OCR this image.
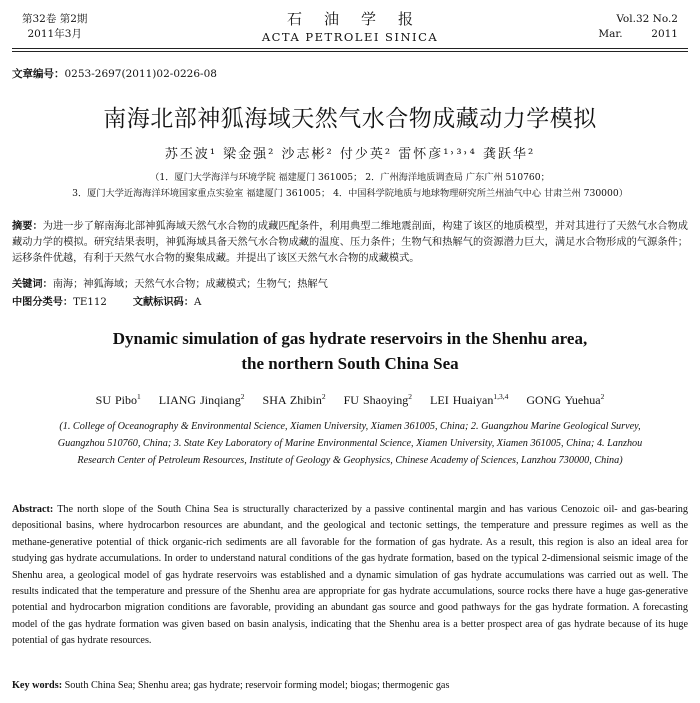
第32卷 第2期
2011年3月
石油学报
ACTA PETROLEI SINICA
Vol.32 No.2
Mar.	2011
文章编号：0253-2697(2011)02-0226-08
南海北部神狐海域天然气水合物成藏动力学模拟
苏丕波¹ 梁金强² 沙志彬² 付少英² 雷怀彦¹˒³˒⁴ 龚跃华²
（1．厦门大学海洋与环境学院 福建厦门 361005； 2．广州海洋地质调查局 广东广州 510760；
3．厦门大学近海海洋环境国家重点实验室 福建厦门 361005； 4．中国科学院地质与地球物理研究所兰州油气中心 甘肃兰州 730000）
摘要：为进一步了解南海北部神狐海域天然气水合物的成藏匹配条件，利用典型二维地震剖面，构建了该区的地质模型，并对其进行了天然气水合物成藏动力学的模拟。研究结果表明，神狐海域具备天然气水合物成藏的温度、压力条件；生物气和热解气的资源潜力巨大，满足水合物形成的气源条件；运移条件优越，有利于天然气水合物的聚集成藏。并提出了该区天然气水合物的成藏模式。
关键词：南海；神狐海域；天然气水合物；成藏模式；生物气；热解气
中图分类号：TE112	文献标识码：A
Dynamic simulation of gas hydrate reservoirs in the Shenhu area,
the northern South China Sea
SU Pibo$^1$ LIANG Jinqiang$^2$ SHA Zhibin$^2$ FU Shaoying$^2$ LEI Huaiyan$^{1,3,4}$ GONG Yuehua$^2$
(1. College of Oceanography & Environmental Science, Xiamen University, Xiamen 361005, China; 2. Guangzhou Marine Geological Survey, Guangzhou 510760, China; 3. State Key Laboratory of Marine Environmental Science, Xiamen University, Xiamen 361005, China; 4. Lanzhou Research Center of Petroleum Resources, Institute of Geology & Geophysics, Chinese Academy of Sciences, Lanzhou 730000, China)
Abstract: The north slope of the South China Sea is structurally characterized by a passive continental margin and has various Cenozoic oil- and gas-bearing depositional basins, where hydrocarbon resources are abundant, and the geological and tectonic settings, the temperature and pressure regimes as well as the methane-generative potential of thick organic-rich sediments are all favorable for the formation of gas hydrate. As a result, this region is also an ideal area for studying gas hydrate accumulations. In order to understand natural conditions of the gas hydrate formation, based on the typical 2-dimensional seismic image of the Shenhu area, a geological model of gas hydrate reservoirs was established and a dynamic simulation of gas hydrate accumulations was carried out as well. The results indicated that the temperature and pressure of the Shenhu area are appropriate for gas hydrate accumulations, source rocks there have a huge gas-generative potential and hydrocarbon migration conditions are favorable, providing an abundant gas source and good pathways for the gas hydrate formation. A forecasting model of the gas hydrate formation was given based on basin analysis, indicating that the Shenhu area is a better prospect area of gas hydrate because of its huge potential of gas hydrate resources.
Key words: South China Sea; Shenhu area; gas hydrate; reservoir forming model; biogas; thermogenic gas
